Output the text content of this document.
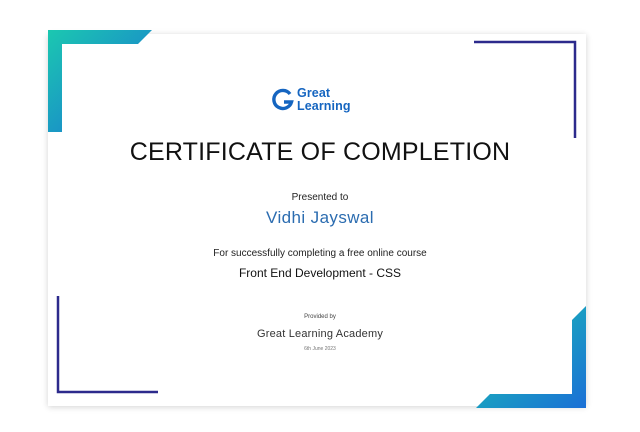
Great
Learning
CERTIFICATE OF COMPLETION
Presented to
Vidhi Jayswal
For successfully completing a free online course
Front End Development - CSS
Provided by
Great Learning Academy
6th June 2023
